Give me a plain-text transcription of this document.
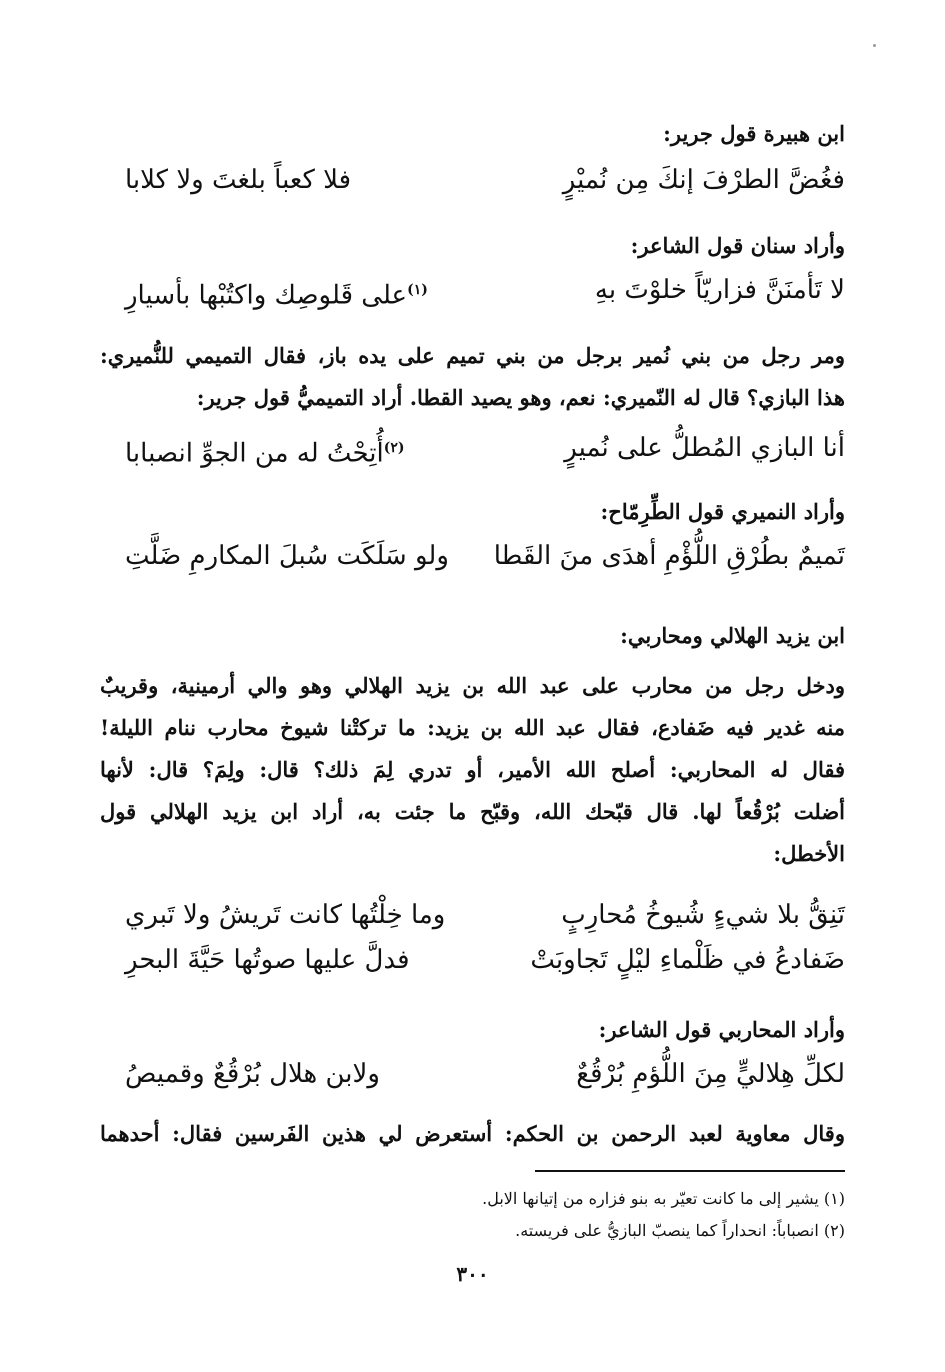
ابن هبيرة قول جرير:
فغُضَّ الطرْفَ إنكَ مِن نُميْرٍ
فلا كعباً بلغتَ ولا كلابا
وأراد سنان قول الشاعر:
لا تَأمنَنَّ فزاريّاً خلوْتَ بهِ
$^{(١)}$على قَلوصِك واكتُبْها بأسيارِ
ومر رجل من بني نُمير برجل من بني تميم على يده باز، فقال التميمي للنُّميري:
هذا البازي؟ قال له النّميري: نعم، وهو يصيد القطا. أراد التميميُّ قول جرير:
أنا البازي المُطلُّ على نُميرٍ
$^{(٢)}$أُتِحْتُ له من الجوِّ انصبابا
وأراد النميري قول الطِّرِمّاح:
تَميمٌ بطُرْقِ اللُّؤْمِ أهدَى منَ القَطا
ولو سَلَكَت سُبلَ المكارمِ ضَلَّتِ
ابن يزيد الهلالي ومحاربي:
ودخل رجل من محارب على عبد الله بن يزيد الهلالي وهو والي أرمينية، وقريبٌ
منه غدير فيه ضَفادع، فقال عبد الله بن يزيد: ما تركتْنا شيوخ محارب ننام الليلة!
فقال له المحاربي: أصلح الله الأمير، أو تدري لِمَ ذلك؟ قال: ولِمَ؟ قال: لأنها
أضلت بُرْقُعاً لها. قال قبّحك الله، وقبّح ما جئت به، أراد ابن يزيد الهلالي قول
الأخطل:
تَنِقُّ بلا شيءٍ شُيوخُ مُحارِبٍ
وما خِلْتُها كانت تَريشُ ولا تَبري
ضَفادعُ في ظَلْماءِ ليْلٍ تَجاوبَتْ
فدلَّ عليها صوتُها حَيَّةَ البحرِ
وأراد المحاربي قول الشاعر:
لكلِّ هِلاليٍّ مِنَ اللُّؤمِ بُرْقُعٌ
ولابن هلال بُرْقُعٌ وقميصُ
وقال معاوية لعبد الرحمن بن الحكم: أستعرض لي هذين الفَرسين فقال: أحدهما
(١) يشير إلى ما كانت تعيّر به بنو فزاره من إتيانها الابل.
(٢) انصباباً: انحداراً كما ينصبّ البازيُّ على فريسته.
٣٠٠
